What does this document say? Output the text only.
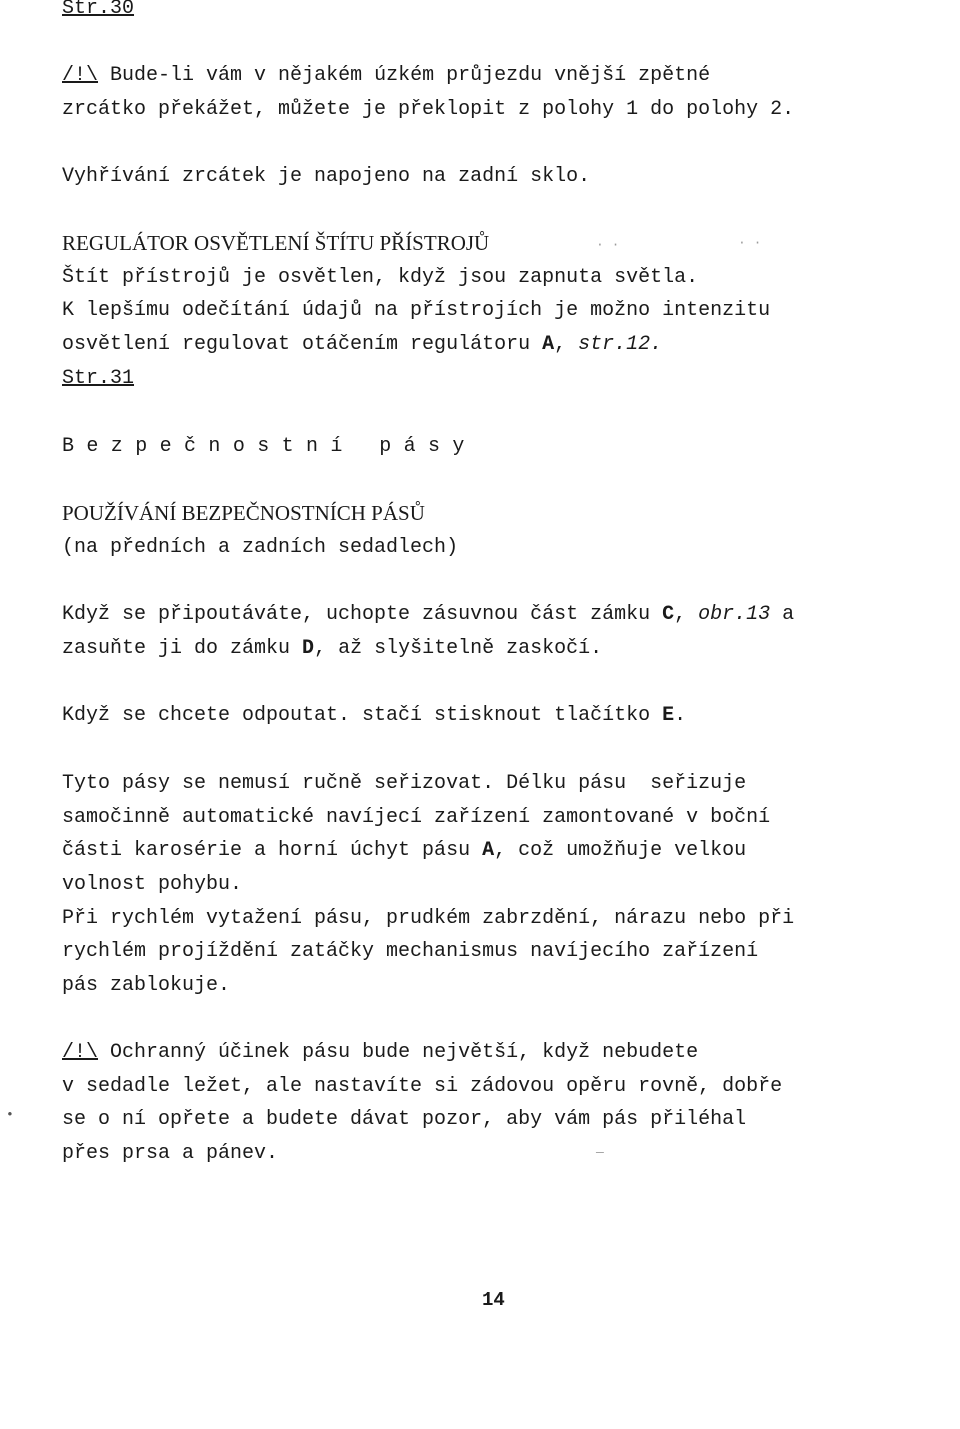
Str.30
/!\ Bude-li vám v nějakém úzkém průjezdu vnější zpětné
zrcátko překážet, můžete je překlopit z polohy 1 do polohy 2.
Vyhřívání zrcátek je napojeno na zadní sklo.
REGULÁTOR OSVĚTLENÍ ŠTÍTU PŘÍSTROJŮ
Štít přístrojů je osvětlen, když jsou zapnuta světla.
K lepšímu odečítání údajů na přístrojích je možno intenzitu
osvětlení regulovat otáčením regulátoru A, str.12.
Str.31
Bezpečnostní pásy
POUŽÍVÁNÍ BEZPEČNOSTNÍCH PÁSŮ
(na předních a zadních sedadlech)
Když se připoutáváte, uchopte zásuvnou část zámku C, obr.13 a
zasuňte ji do zámku D, až slyšitelně zaskočí.
Když se chcete odpoutat. stačí stisknout tlačítko E.
Tyto pásy se nemusí ručně seřizovat. Délku pásu  seřizuje
samočinně automatické navíjecí zařízení zamontované v boční
části karosérie a horní úchyt pásu A, což umožňuje velkou
volnost pohybu.
Při rychlém vytažení pásu, prudkém zabrzdění, nárazu nebo při
rychlém projíždění zatáčky mechanismus navíjecího zařízení
pás zablokuje.
/!\ Ochranný účinek pásu bude největší, když nebudete
v sedadle ležet, ale nastavíte si zádovou opěru rovně, dobře
se o ní opřete a budete dávat pozor, aby vám pás přiléhal
přes prsa a pánev.
14
· ·	· ·
—
•
